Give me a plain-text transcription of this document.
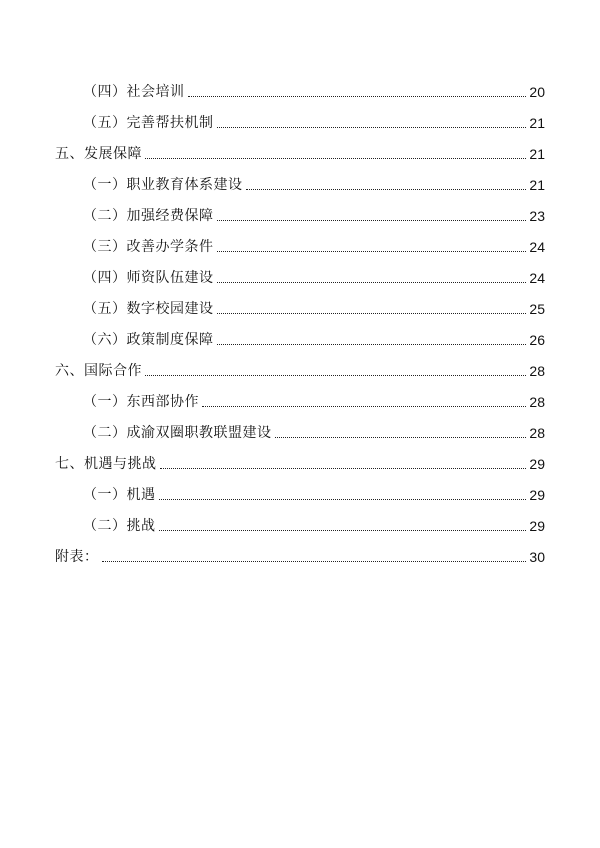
（四）社会培训	20
（五）完善帮扶机制	21
五、发展保障	21
（一）职业教育体系建设	21
（二）加强经费保障	23
（三）改善办学条件	24
（四）师资队伍建设	24
（五）数字校园建设	25
（六）政策制度保障	26
六、国际合作	28
（一）东西部协作	28
（二）成渝双圈职教联盟建设	28
七、机遇与挑战	29
（一）机遇	29
（二）挑战	29
附表：	30
